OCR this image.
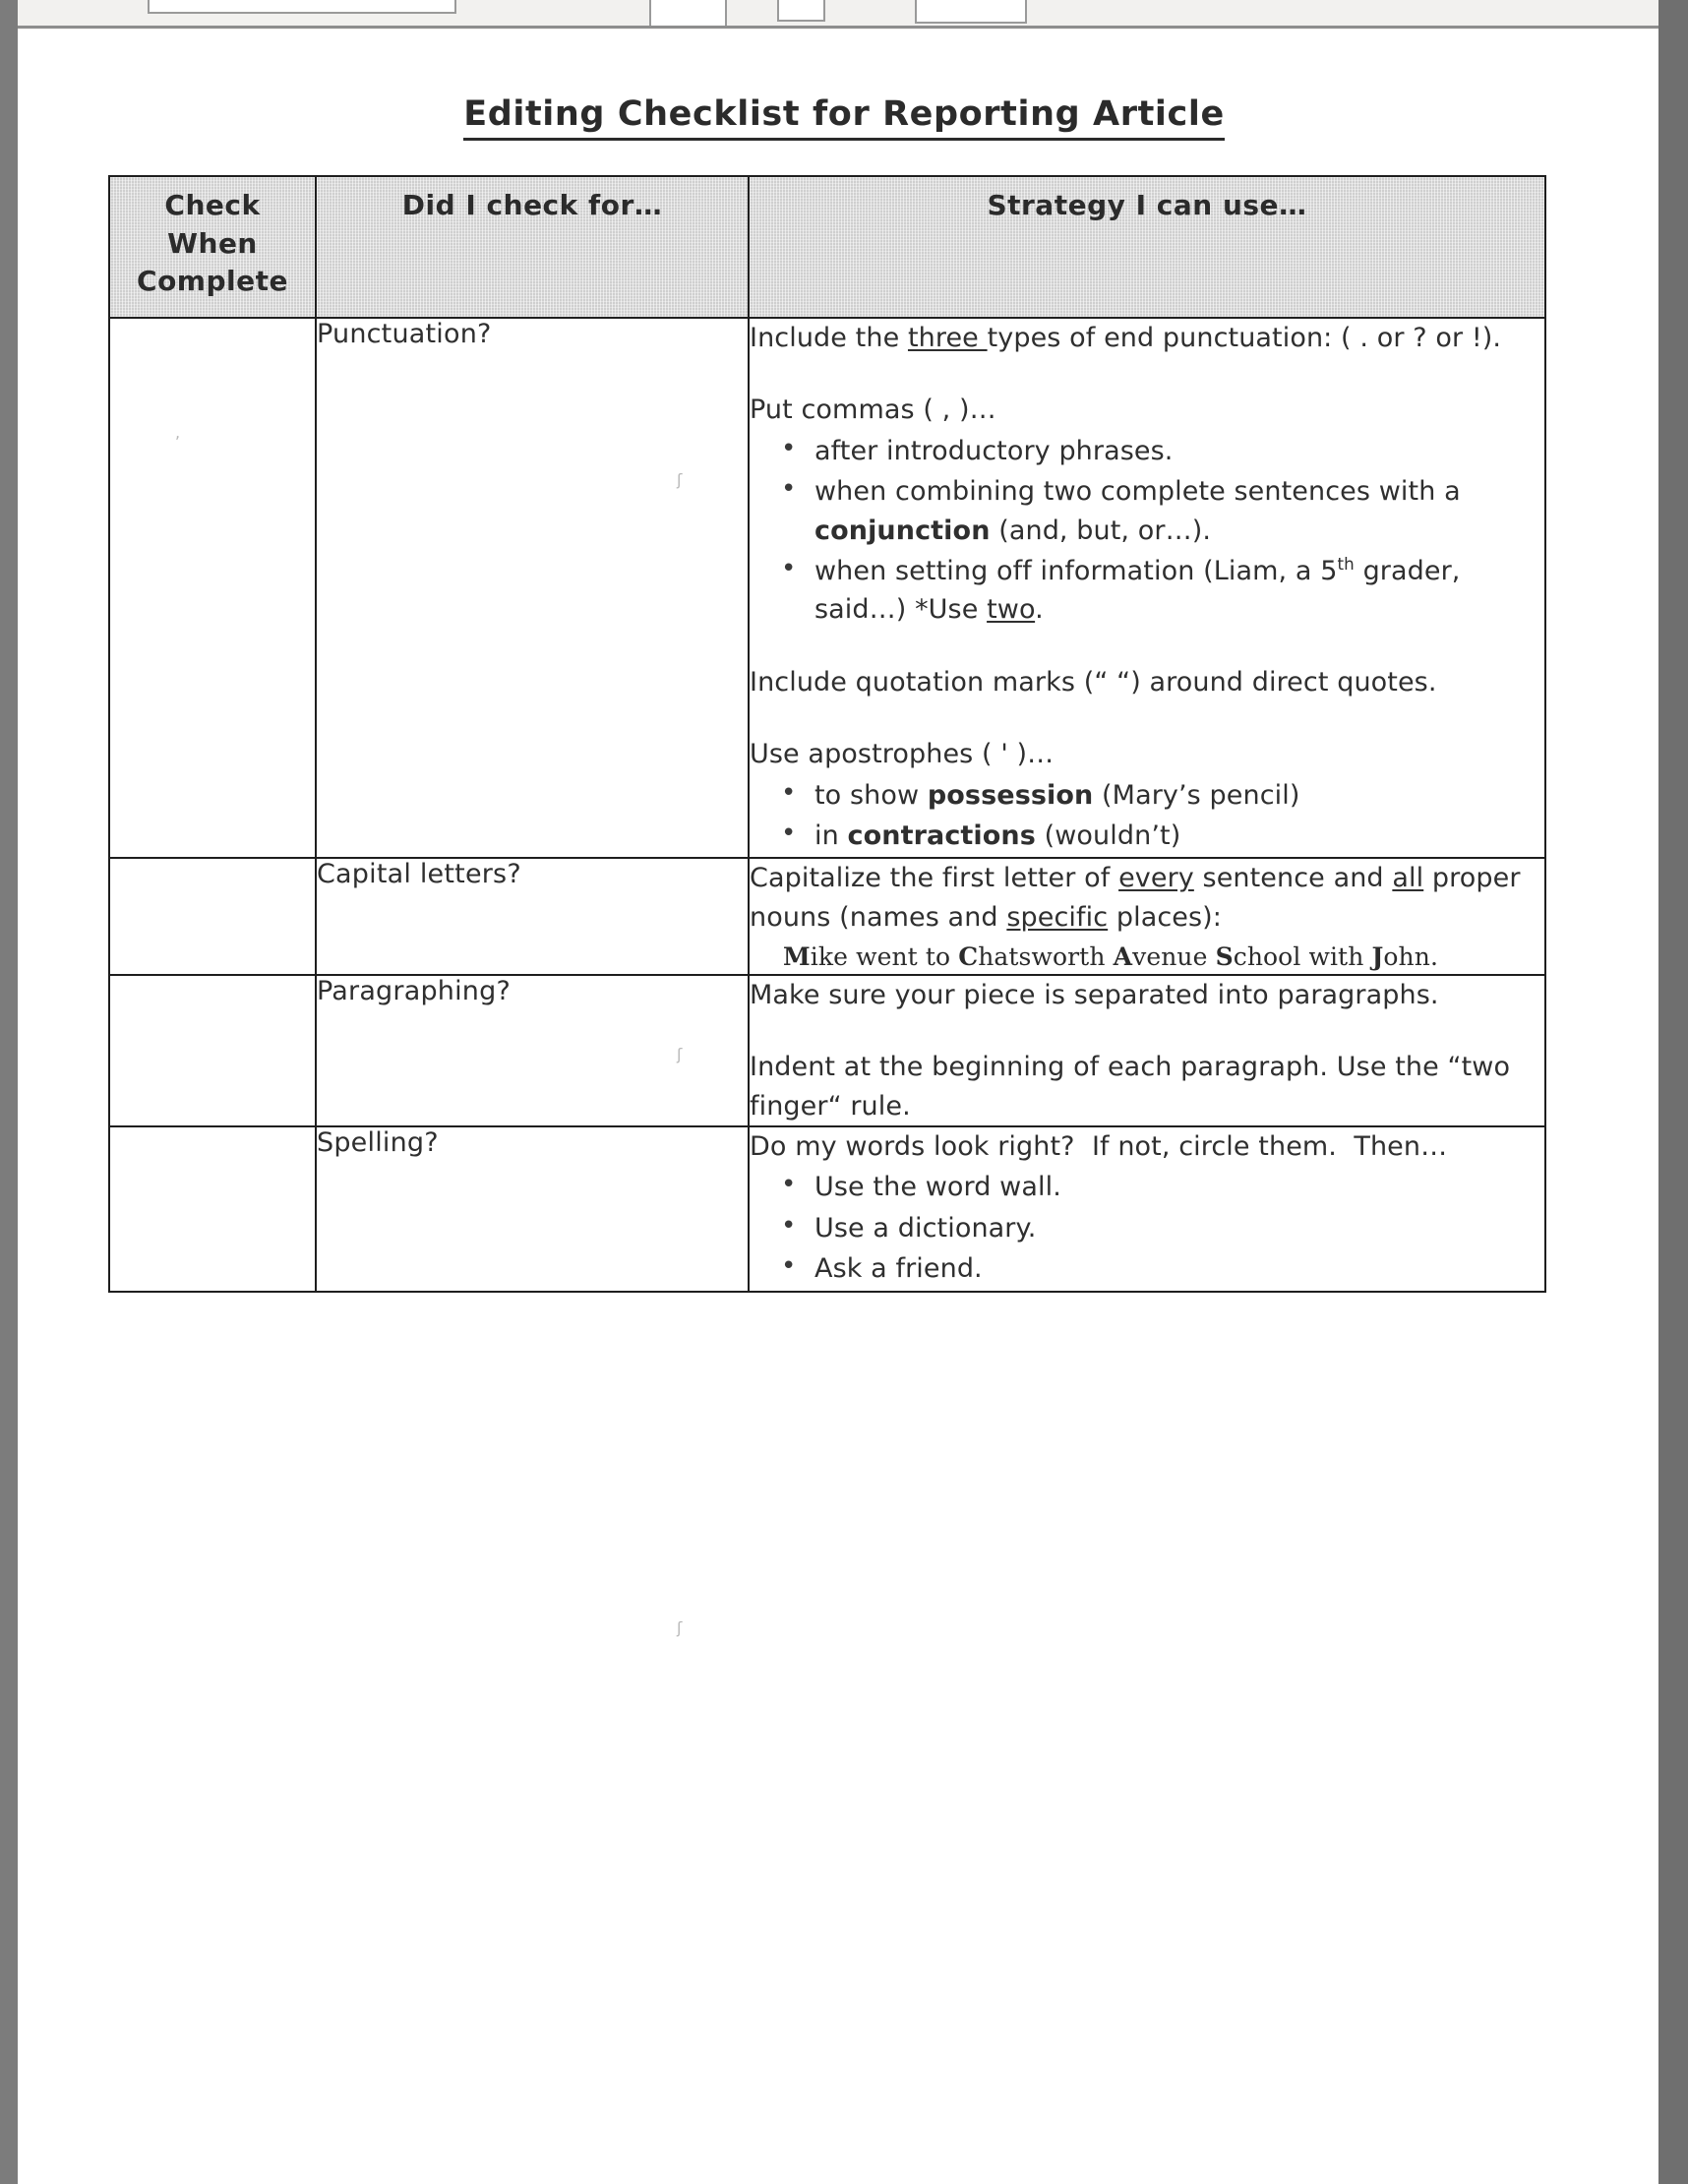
Editing Checklist for Reporting Article
Check
When
Complete	Did I check for…	Strategy I can use…
	Punctuation?	Include the three types of end punctuation: ( . or ? or !).

Put commas ( , )…

• after introductory phrases.
• when combining two complete sentences with a conjunction (and, but, or…).
• when setting off information (Liam, a 5th grader, said…) *Use two.

Include quotation marks (“ “) around direct quotes.

Use apostrophes ( ' )…

• to show possession (Mary’s pencil)
• in contractions (wouldn’t)

	Capital letters?	Capitalize the first letter of every sentence and all proper nouns (names and specific places):

Mike went to Chatsworth Avenue School with John.

	Paragraphing?	Make sure your piece is separated into paragraphs.

Indent at the beginning of each paragraph. Use the “two finger“ rule.

	Spelling?	Do my words look right?  If not, circle them.  Then…

• Use the word wall.
• Use a dictionary.
• Ask a friend.
,
ʃ
ʃ
ʃ
